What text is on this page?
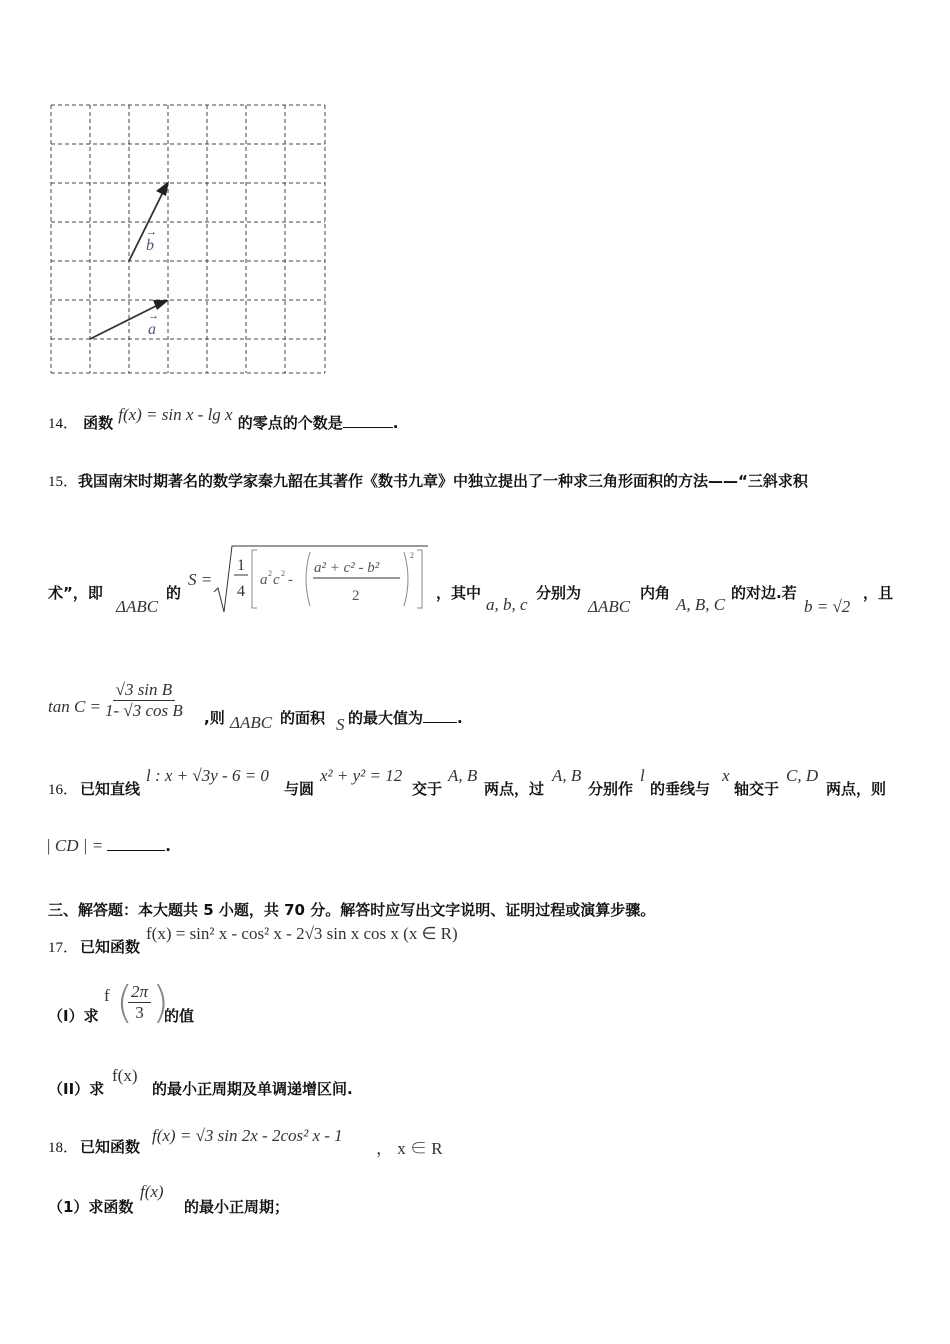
→
b
→
a
14． 函数 f(x) = sin x - lg x 的零点的个数是	.
15．我国南宋时期著名的数学家秦九韶在其著作《数书九章》中独立提出了一种求三角形面积的方法——“三斜求积
术”，即
ΔABC
的
S =
1
4
a 2 c 2 -
a² + c² - b²
2
2
，其中
a, b, c
分别为
ΔABC
内角
A, B, C
的对边.若
b = √2
，且
$\tan C = \frac{\text{√3 sin B}}{\text{1- √3 cos B}}$ ,则 ΔABC 的面积 S 的最大值为 .
16． 已知直线
l : x + √3y - 6 = 0
与圆
x² + y² = 12
交于
A, B
两点，过
A, B
分别作
l
的垂线与
x
轴交于
C, D
两点，则
| CD | =	.
三、解答题：本大题共 5 小题，共 70 分。解答时应写出文字说明、证明过程或演算步骤。
17． 已知函数
f(x) = sin² x - cos² x - 2√3 sin x cos x (x ∈ R)
（I）求
f (
$\frac{2\pi}{3}$ )
的值
（II）求
f(x)
的最小正周期及单调递增区间.
18． 已知函数
f(x) = √3 sin 2x - 2cos² x - 1
， x ∈ R
（1）求函数
f(x)
的最小正周期；
